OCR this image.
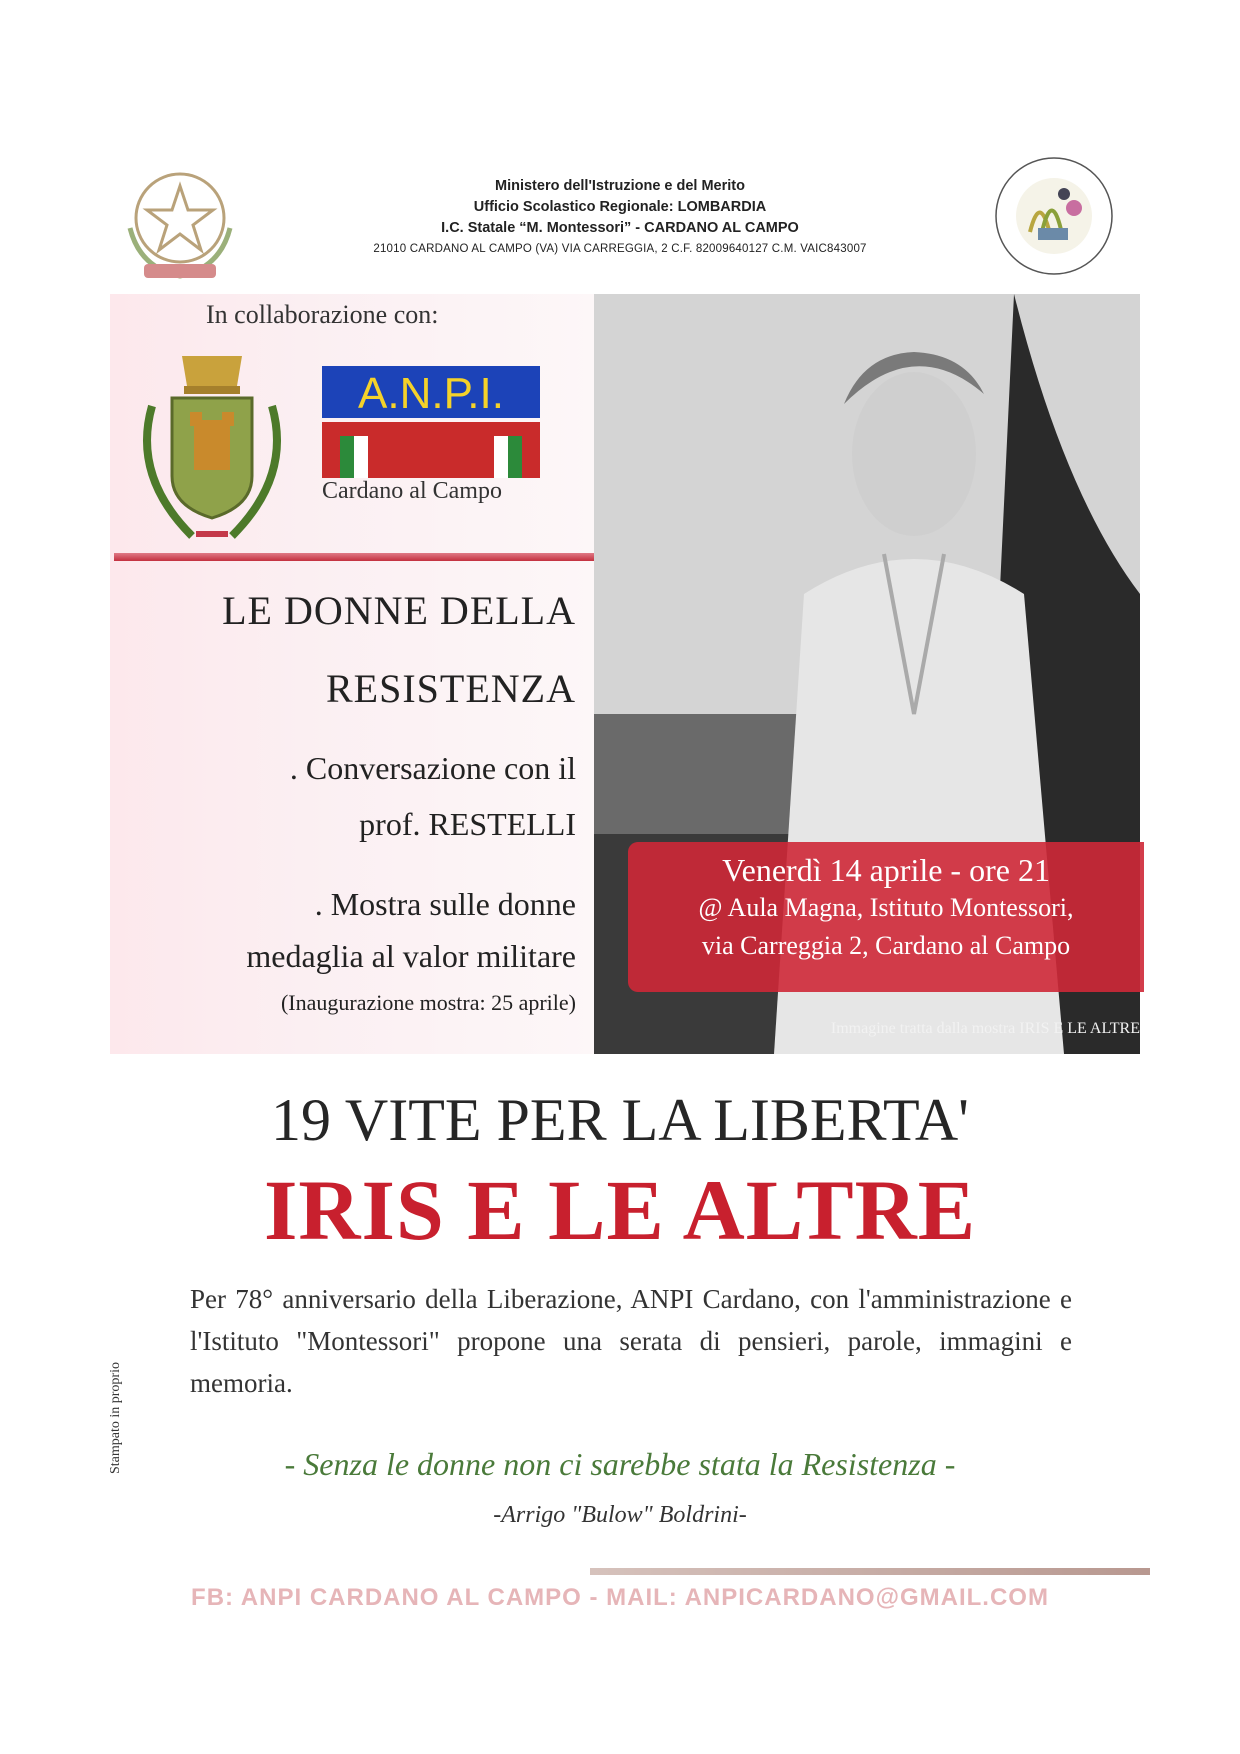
Ministero dell'Istruzione e del Merito
Ufficio Scolastico Regionale: LOMBARDIA
I.C. Statale “M. Montessori” - CARDANO AL CAMPO
21010 CARDANO AL CAMPO (VA) VIA CARREGGIA, 2 C.F. 82009640127 C.M. VAIC843007
In collaborazione con:
A.N.P.I.
Cardano al Campo
LE DONNE DELLA
RESISTENZA
. Conversazione con il
prof. RESTELLI
. Mostra sulle donne
medaglia al valor militare
(Inaugurazione mostra: 25 aprile)
Venerdì 14 aprile - ore 21
@ Aula Magna, Istituto Montessori,
via Carreggia 2, Cardano al Campo
Immagine tratta dalla mostra IRIS E LE ALTRE
19 VITE PER LA LIBERTA'
IRIS E LE ALTRE
Per 78° anniversario della Liberazione, ANPI Cardano, con l'amministrazione e l'Istituto "Montessori" propone una serata di pensieri, parole, immagini e memoria.
- Senza le donne non ci sarebbe stata la Resistenza -
-Arrigo "Bulow" Boldrini-
FB: ANPI CARDANO AL CAMPO - MAIL: ANPICARDANO@GMAIL.COM
Stampato in proprio
